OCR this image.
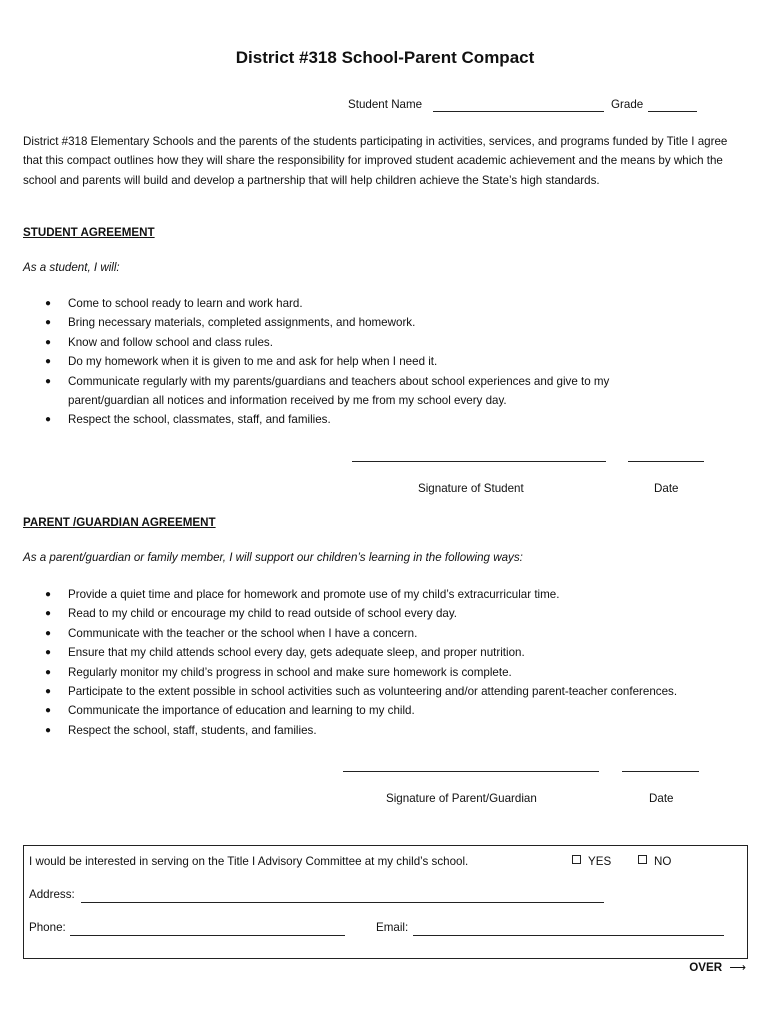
District #318 School-Parent Compact
Student Name	Grade
District #318 Elementary Schools and the parents of the students participating in activities, services, and programs funded by Title I agree that this compact outlines how they will share the responsibility for improved student academic achievement and the means by which the school and parents will build and develop a partnership that will help children achieve the State’s high standards.
STUDENT AGREEMENT
As a student, I will:
● Come to school ready to learn and work hard.
● Bring necessary materials, completed assignments, and homework.
● Know and follow school and class rules.
● Do my homework when it is given to me and ask for help when I need it.
● Communicate regularly with my parents/guardians and teachers about school experiences and give to my parent/guardian all notices and information received by me from my school every day.
● Respect the school, classmates, staff, and families.
Signature of Student	Date
PARENT /GUARDIAN AGREEMENT
As a parent/guardian or family member, I will support our children’s learning in the following ways:
● Provide a quiet time and place for homework and promote use of my child’s extracurricular time.
● Read to my child or encourage my child to read outside of school every day.
● Communicate with the teacher or the school when I have a concern.
● Ensure that my child attends school every day, gets adequate sleep, and proper nutrition.
● Regularly monitor my child’s progress in school and make sure homework is complete.
● Participate to the extent possible in school activities such as volunteering and/or attending parent-teacher conferences.
● Communicate the importance of education and learning to my child.
● Respect the school, staff, students, and families.
Signature of Parent/Guardian	Date
I would be interested in serving on the Title I Advisory Committee at my child’s school.	YES	NO
Address:
Phone:	Email:
OVER ⟶
